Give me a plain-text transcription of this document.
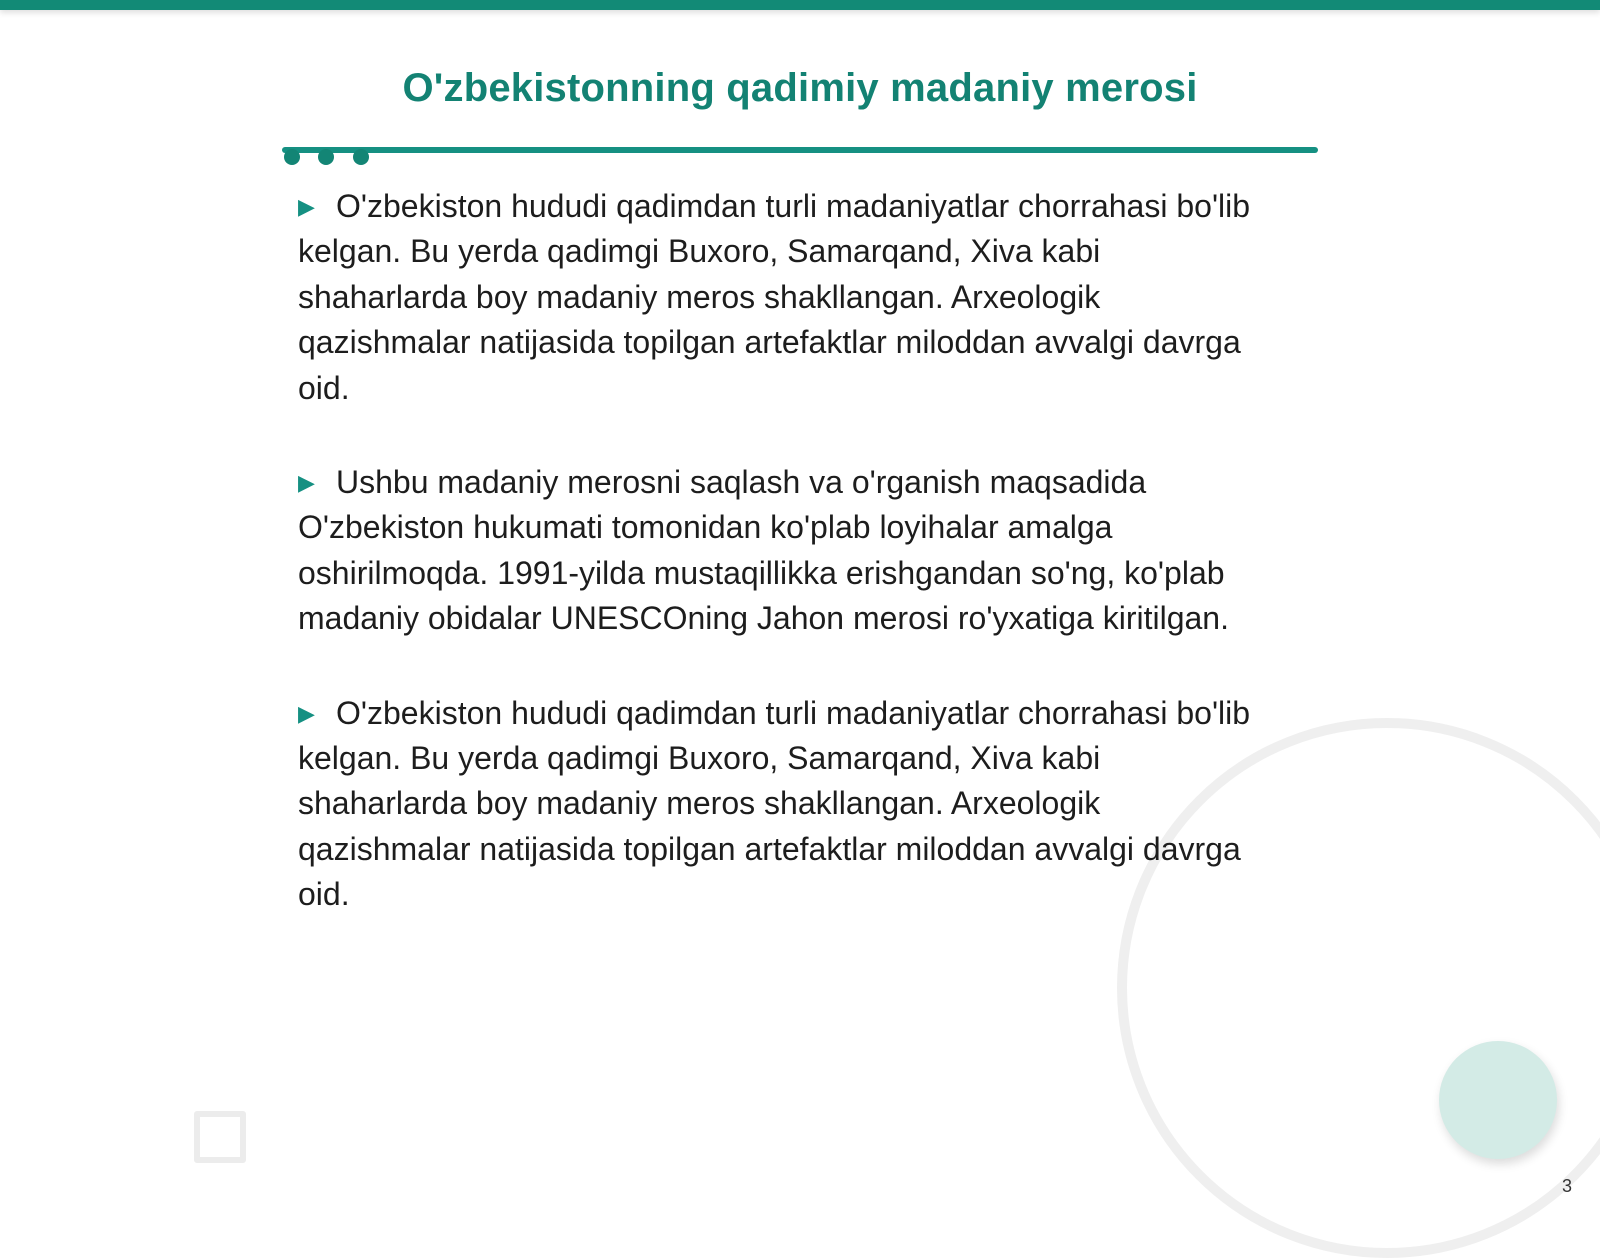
O'zbekistonning qadimiy madaniy merosi
▶ O'zbekiston hududi qadimdan turli madaniyatlar chorrahasi bo'lib kelgan. Bu yerda qadimgi Buxoro, Samarqand, Xiva kabi shaharlarda boy madaniy meros shakllangan. Arxeologik qazishmalar natijasida topilgan artefaktlar miloddan avvalgi davrga oid.
▶ Ushbu madaniy merosni saqlash va o'rganish maqsadida O'zbekiston hukumati tomonidan ko'plab loyihalar amalga oshirilmoqda. 1991-yilda mustaqillikka erishgandan so'ng, ko'plab madaniy obidalar UNESCOning Jahon merosi ro'yxatiga kiritilgan.
▶ O'zbekiston hududi qadimdan turli madaniyatlar chorrahasi bo'lib kelgan. Bu yerda qadimgi Buxoro, Samarqand, Xiva kabi shaharlarda boy madaniy meros shakllangan. Arxeologik qazishmalar natijasida topilgan artefaktlar miloddan avvalgi davrga oid.
3
